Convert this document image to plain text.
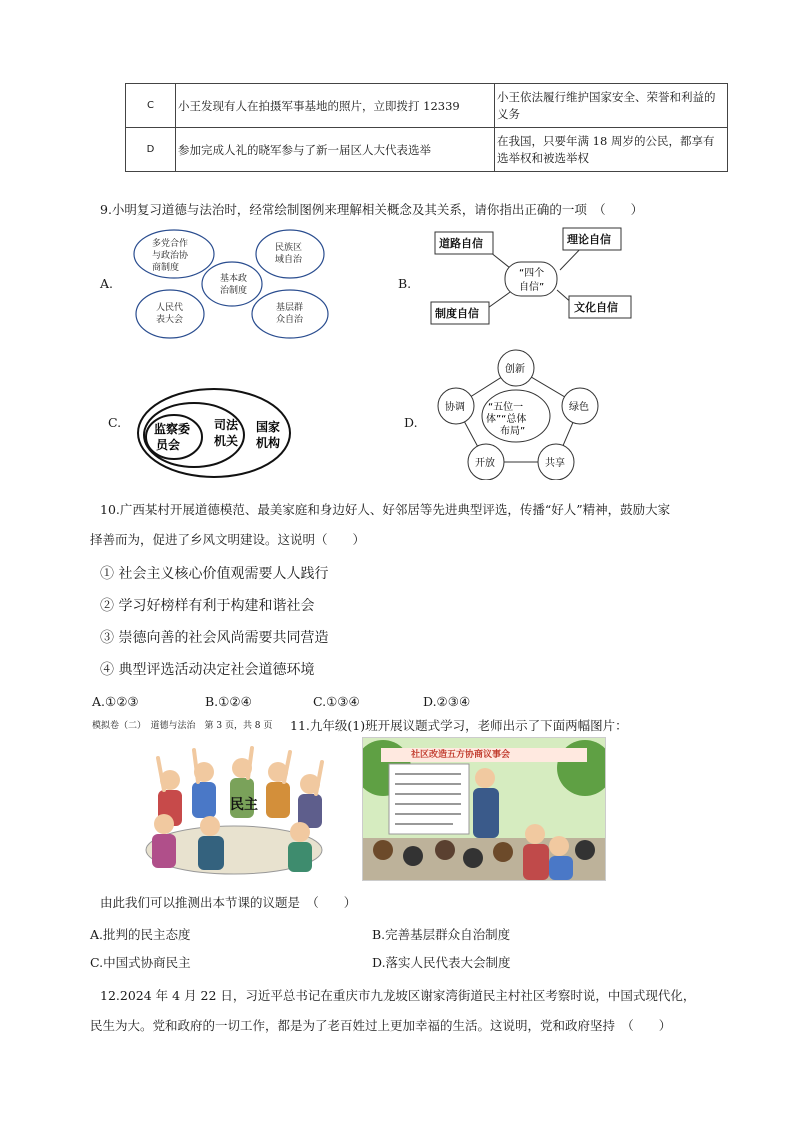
C	小王发现有人在拍摄军事基地的照片，立即拨打 12339	小王依法履行维护国家安全、荣誉和利益的义务
D	参加完成人礼的晓军参与了新一届区人大代表选举	在我国，只要年满 18 周岁的公民，都享有选举权和被选举权
9.小明复习道德与法治时，经常绘制图例来理解相关概念及其关系，请你指出正确的一项　（　　）
A.	基本政治制度
多党合作与政治协商制度
民族区域自治
人民代表大会
基层群众自治
B.
“四个
自信”
道路自信	理论自信
制度自信	文化自信
C.	监察委
员会
司法
机关
国家
机构
D.
创新
绿色
共享
开放
协调 “五位一
体”“总体
布局”
10.广西某村开展道德模范、最美家庭和身边好人、好邻居等先进典型评选，传播“好人”精神，鼓励大家
择善而为，促进了乡风文明建设。这说明（　　）
① 社会主义核心价值观需要人人践行
② 学习好榜样有利于构建和谐社会
③ 崇德向善的社会风尚需要共同营造
④ 典型评选活动决定社会道德环境
A.①②③	B.①②④	C.①③④	D.②③④
模拟卷（二）　道德与法治　第 3 页，共 8 页 11.九年级(1)班开展议题式学习，老师出示了下面两幅图片：
民主
社区改造五方协商议事会
由此我们可以推测出本节课的议题是　（　　）
A.批判的民主态度	B.完善基层群众自治制度
C.中国式协商民主	D.落实人民代表大会制度
12.2024 年 4 月 22 日，习近平总书记在重庆市九龙坡区谢家湾街道民主村社区考察时说，中国式现代化，
民生为大。党和政府的一切工作，都是为了老百姓过上更加幸福的生活。这说明，党和政府坚持　（　　）
